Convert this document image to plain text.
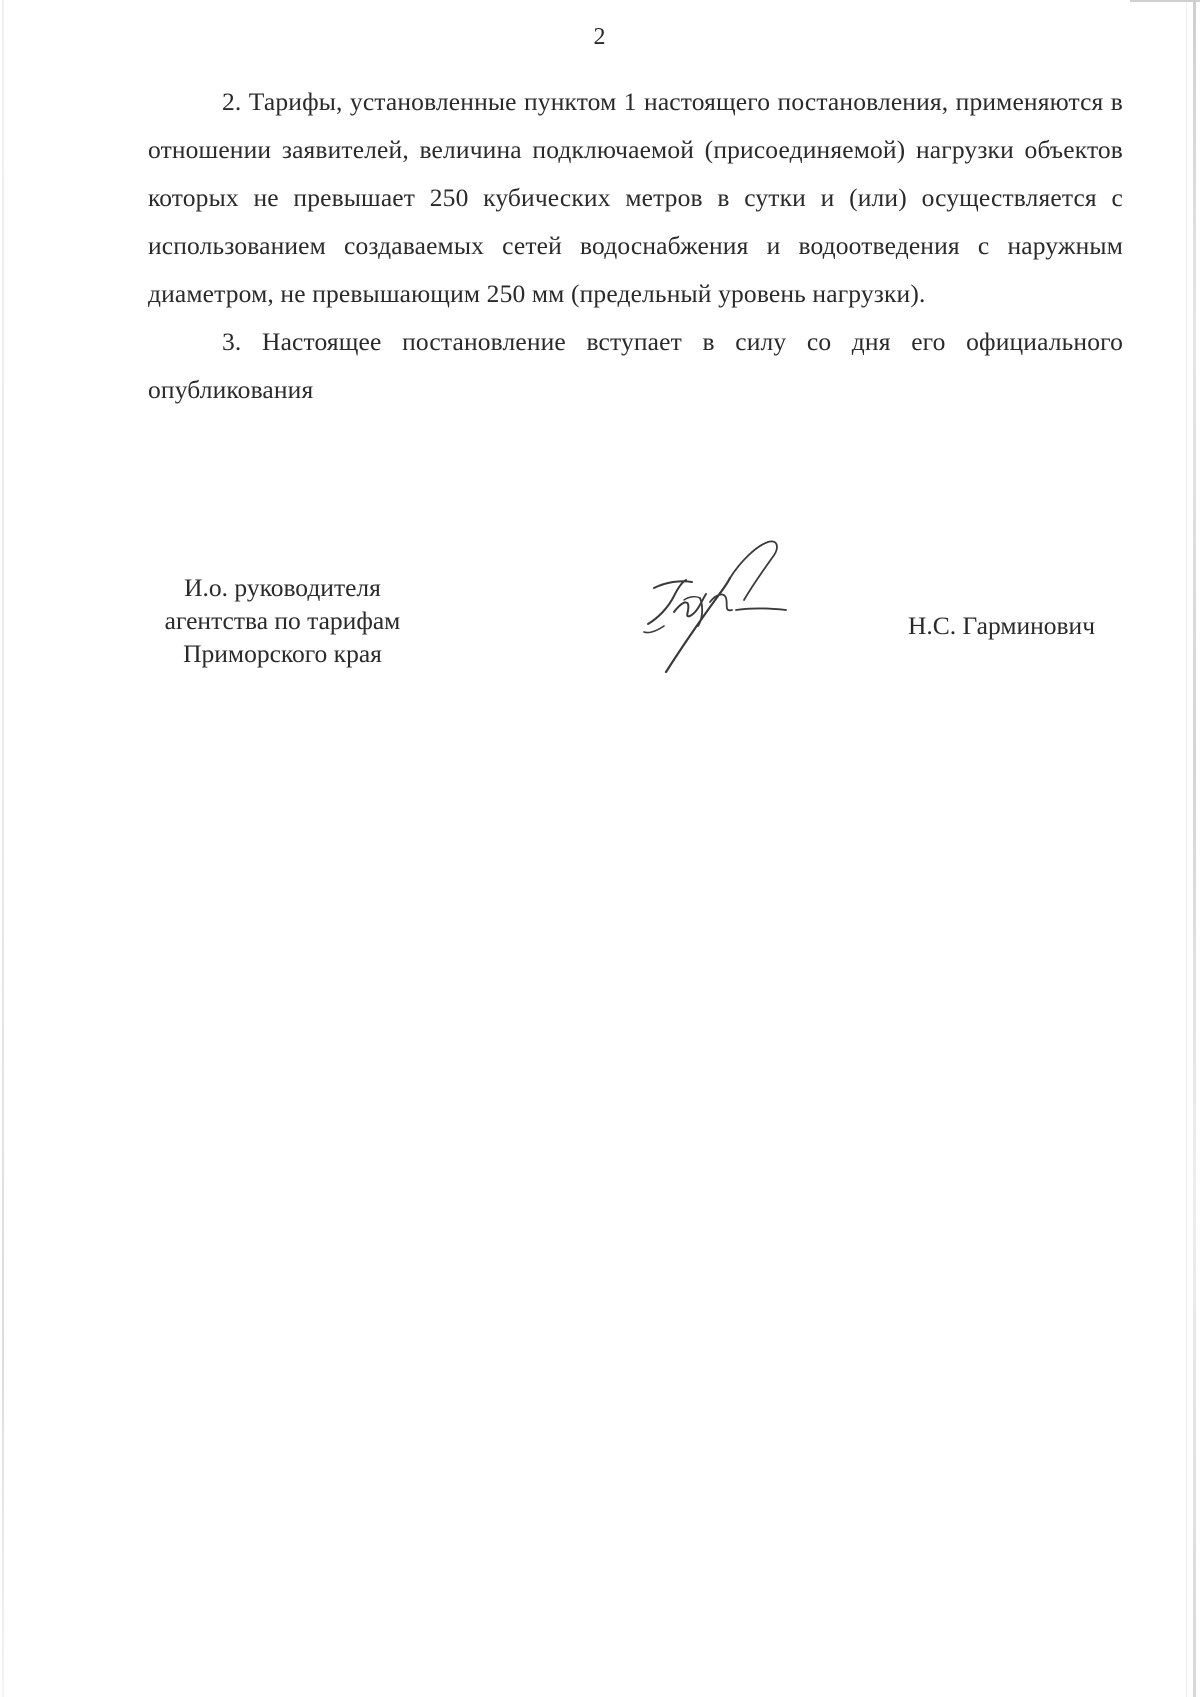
2

2. Тарифы, установленные пунктом 1 настоящего постановления, применяются в отношении заявителей, величина подключаемой (присоединяемой) нагрузки объектов которых не превышает 250 кубических метров в сутки и (или) осуществляется с использованием создаваемых сетей водоснабжения и водоотведения с наружным диаметром, не превышающим 250 мм (предельный уровень нагрузки).

3. Настоящее постановление вступает в силу со дня его официального опубликования

И.о. руководителя
агентства по тарифам
Приморского края
Н.С. Гарминович
